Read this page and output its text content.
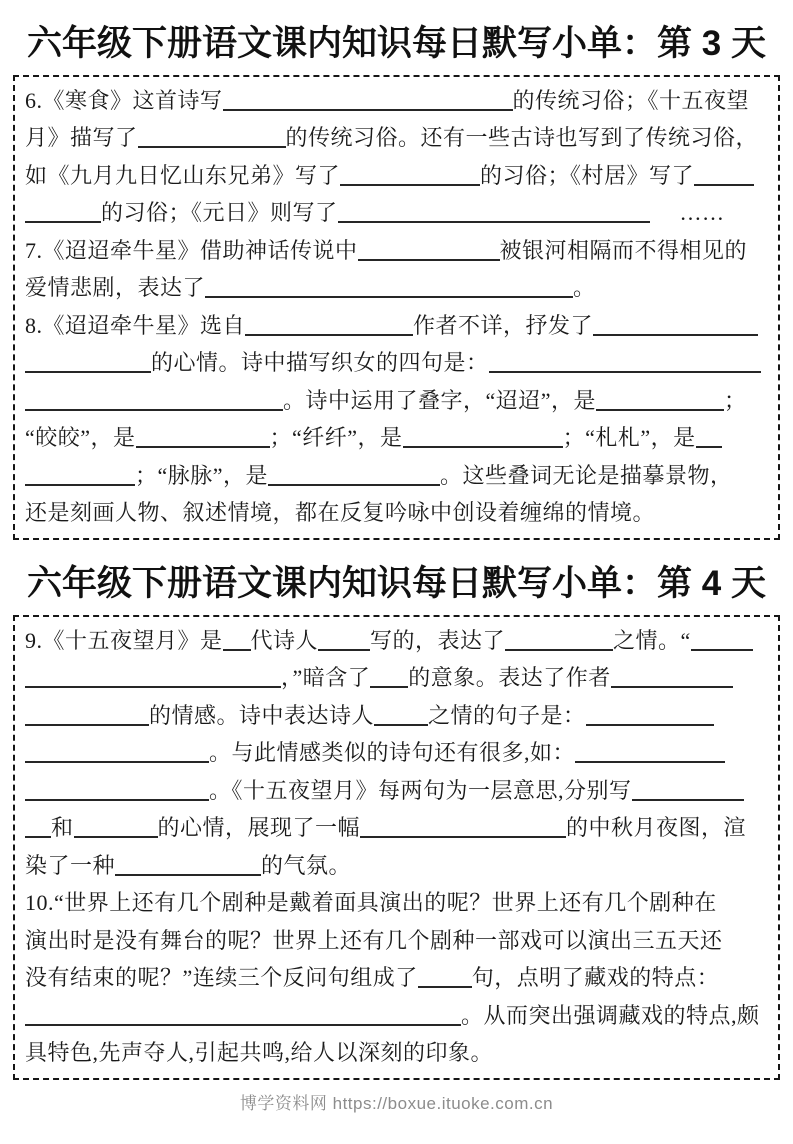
六年级下册语文课内知识每日默写小单：第 3 天
6.《寒食》这首诗写	的传统习俗；《十五夜望
月》描写了	的传统习俗。还有一些古诗也写到了传统习俗，
如《九月九日忆山东兄弟》写了	的习俗；《村居》写了
的习俗；《元日》则写了	……
7.《迢迢牵牛星》借助神话传说中	被银河相隔而不得相见的
爱情悲剧，表达了	。
8.《迢迢牵牛星》选自	作者不详，抒发了
的心情。诗中描写织女的四句是：
。诗中运用了叠字，“迢迢”，是	；
“皎皎”，是	；“纤纤”，是	；“札札”，是
；“脉脉”，是	。这些叠词无论是描摹景物，
还是刻画人物、叙述情境，都在反复吟咏中创设着缠绵的情境。
六年级下册语文课内知识每日默写小单：第 4 天
9.《十五夜望月》是 代诗人 写的，表达了	之情。“
，”暗含了 的意象。表达了作者
的情感。诗中表达诗人 之情的句子是：
。与此情感类似的诗句还有很多,如：
。《十五夜望月》每两句为一层意思,分别写
和	的心情，展现了一幅	的中秋月夜图，渲
染了一种	的气氛。
10.“世界上还有几个剧种是戴着面具演出的呢？世界上还有几个剧种在
演出时是没有舞台的呢？世界上还有几个剧种一部戏可以演出三五天还
没有结束的呢？”连续三个反问句组成了 句，点明了藏戏的特点：
。从而突出强调藏戏的特点,颇
具特色,先声夺人,引起共鸣,给人以深刻的印象。
博学资料网 https://boxue.ituoke.com.cn
